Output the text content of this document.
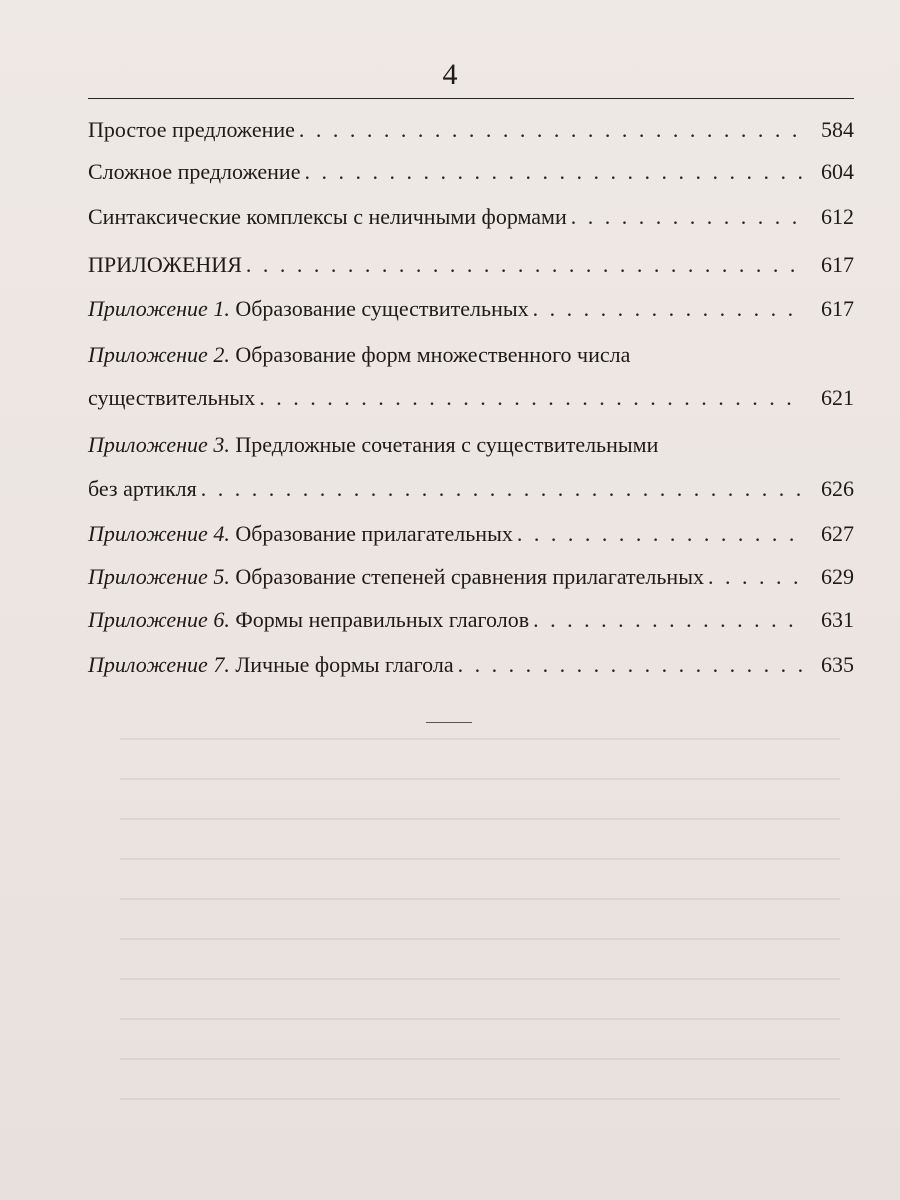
4
Простое предложение . . .	584
Сложное предложение . . .	604
Синтаксические комплексы с неличными формами . . .	612
ПРИЛОЖЕНИЯ . . .	617
Приложение 1.
Образование существительных . . .	617
Приложение 2.
Образование форм множественного числа
существительных . . .	621
Приложение 3.
Предложные сочетания с существительными
без артикля . . .	626
Приложение 4.
Образование прилагательных . . .	627
Приложение 5.
Образование степеней сравнения прилагательных . . .	629
Приложение 6.
Формы неправильных глаголов . . .	631
Приложение 7.
Личные формы глагола . . .	635
